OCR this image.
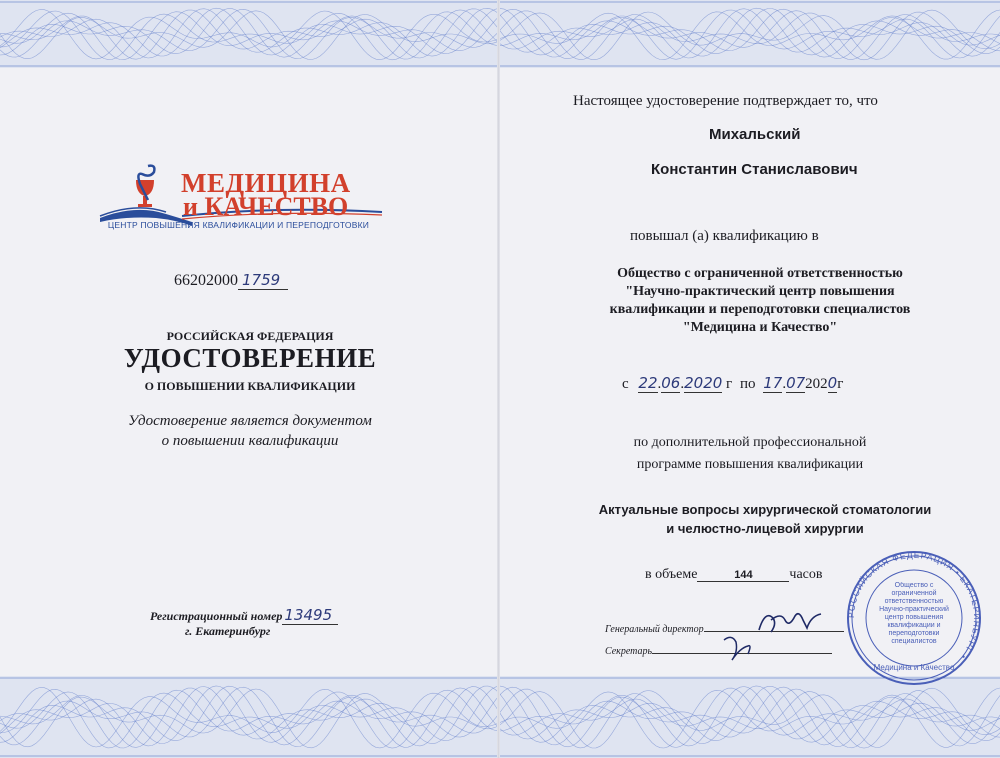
МЕДИЦИНА
и КАЧЕСТВО
ЦЕНТР ПОВЫШЕНИЯ КВАЛИФИКАЦИИ И ПЕРЕПОДГОТОВКИ
66202000 1759
РОССИЙСКАЯ ФЕДЕРАЦИЯ
УДОСТОВЕРЕНИЕ
О ПОВЫШЕНИИ КВАЛИФИКАЦИИ
Удостоверение является документом
о повышении квалификации
Регистрационный номер 13495
г. Екатеринбург
Настоящее удостоверение подтверждает то, что
Михальский
Константин Станиславович
повышал (а) квалификацию в
Общество с ограниченной ответственностью
"Научно-практический центр повышения
квалификации и переподготовки специалистов
"Медицина и Качество"
с 22.06.2020 г по 17.072020г
по дополнительной профессиональной
программе повышения квалификации
Актуальные вопросы хирургической стоматологии
и челюстно-лицевой хирургии
в объеме	144	часов
Генеральный директор
Секретарь
РОССИЙСКАЯ ФЕДЕРАЦИЯ • ЕКАТЕРИНБУРГ •
Общество с ограниченной ответственностью Научно-практический центр повышения квалификации и переподготовки специалистов
Медицина и Качество
